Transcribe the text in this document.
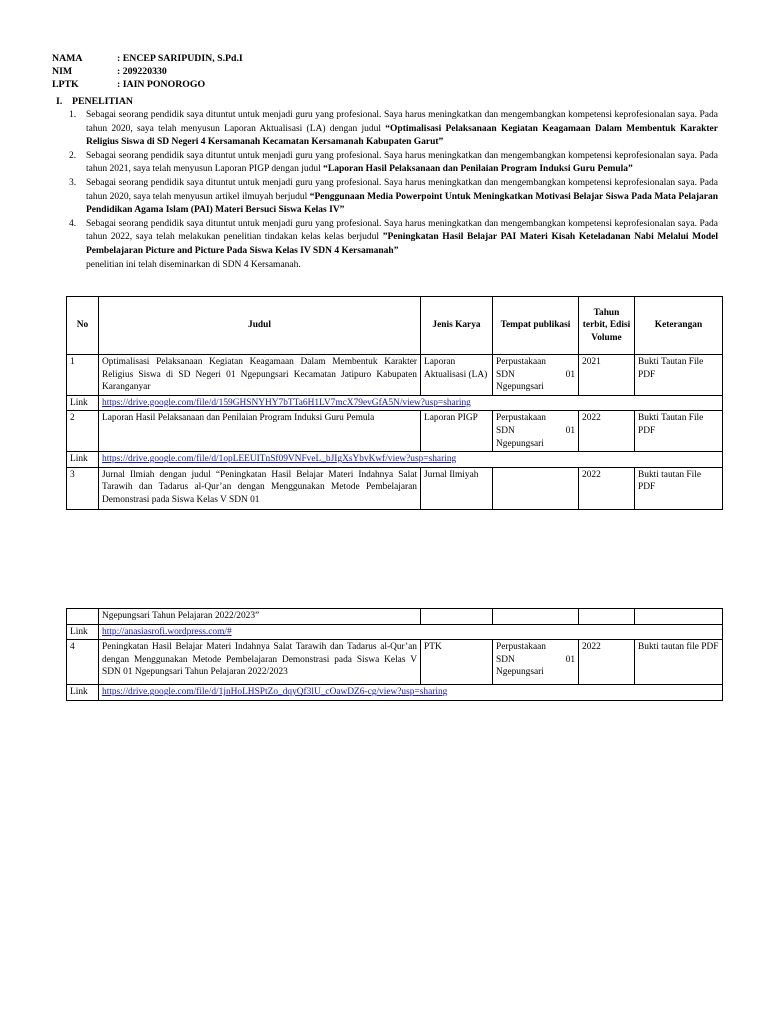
NAMA	: ENCEP SARIPUDIN, S.Pd.I
NIM	: 209220330
LPTK	: IAIN PONOROGO
I. PENELITIAN
1. Sebagai seorang pendidik saya dituntut untuk menjadi guru yang profesional. Saya harus meningkatkan dan mengembangkan kompetensi keprofesionalan saya. Pada tahun 2020, saya telah menyusun Laporan Aktualisasi (LA) dengan judul “Optimalisasi Pelaksanaan Kegiatan Keagamaan Dalam Membentuk Karakter Religius Siswa di SD Negeri 4 Kersamanah Kecamatan Kersamanah Kabupaten Garut”
2. Sebagai seorang pendidik saya dituntut untuk menjadi guru yang profesional. Saya harus meningkatkan dan mengembangkan kompetensi keprofesionalan saya. Pada tahun 2021, saya telah menyusun Laporan PIGP dengan judul “Laporan Hasil Pelaksanaan dan Penilaian Program Induksi Guru Pemula”
3. Sebagai seorang pendidik saya dituntut untuk menjadi guru yang profesional. Saya harus meningkatkan dan mengembangkan kompetensi keprofesionalan saya. Pada tahun 2020, saya telah menyusun artikel ilmuyah berjudul “Penggunaan Media Powerpoint Untuk Meningkatkan Motivasi Belajar Siswa Pada Mata Pelajaran Pendidikan Agama Islam (PAI) Materi Bersuci Siswa Kelas IV”
4. Sebagai seorang pendidik saya dituntut untuk menjadi guru yang profesional. Saya harus meningkatkan dan mengembangkan kompetensi keprofesionalan saya. Pada tahun 2022, saya telah melakukan penelitian tindakan kelas kelas berjudul ”Peningkatan Hasil Belajar PAI Materi Kisah Keteladanan Nabi Melalui Model Pembelajaran Picture and Picture Pada Siswa Kelas IV SDN 4 Kersamanah”
penelitian ini telah diseminarkan di SDN 4 Kersamanah.
No	Judul	Jenis Karya	Tempat publikasi	Tahun terbit, Edisi Volume	Keterangan
1	Optimalisasi Pelaksanaan Kegiatan Keagamaan Dalam Membentuk Karakter Religius Siswa di SD Negeri 01 Ngepungsari Kecamatan Jatipuro Kabupaten Karanganyar	Laporan Aktualisasi (LA)	Perpustakaan
SDN 01
Ngepungsari	2021	Bukti Tautan File PDF
Link	https://drive.google.com/file/d/159GHSNYHY7bTTa6H1LV7mcX79evGfA5N/view?usp=sharing				
2	Laporan Hasil Pelaksanaan dan Penilaian Program Induksi Guru Pemula	Laporan PIGP	Perpustakaan
SDN 01
Ngepungsari	2022	Bukti Tautan File PDF
Link	https://drive.google.com/file/d/1opLEEUITnSf09VNFveL_bJIgXsYbvKwf/view?usp=sharing				
3	Jurnal Ilmiah dengan judul “Peningkatan Hasil Belajar Materi Indahnya Salat Tarawih dan Tadarus al-Qur’an dengan Menggunakan Metode Pembelajaran Demonstrasi pada Siswa Kelas V SDN 01	Jurnal Ilmiyah		2022	Bukti tautan File PDF
	Ngepungsari Tahun Pelajaran 2022/2023”				
Link	http://anasiasrofi.wordpress.com/#				
4	Peningkatan Hasil Belajar Materi Indahnya Salat Tarawih dan Tadarus al-Qur’an dengan Menggunakan Metode Pembelajaran Demonstrasi pada Siswa Kelas V SDN 01 Ngepungsari Tahun Pelajaran 2022/2023	PTK	Perpustakaan
SDN 01
Ngepungsari	2022	Bukti tautan file PDF
Link	https://drive.google.com/file/d/1jnHoLHSPtZo_dqyQf3lU_cOawDZ6-cg/view?usp=sharing				
